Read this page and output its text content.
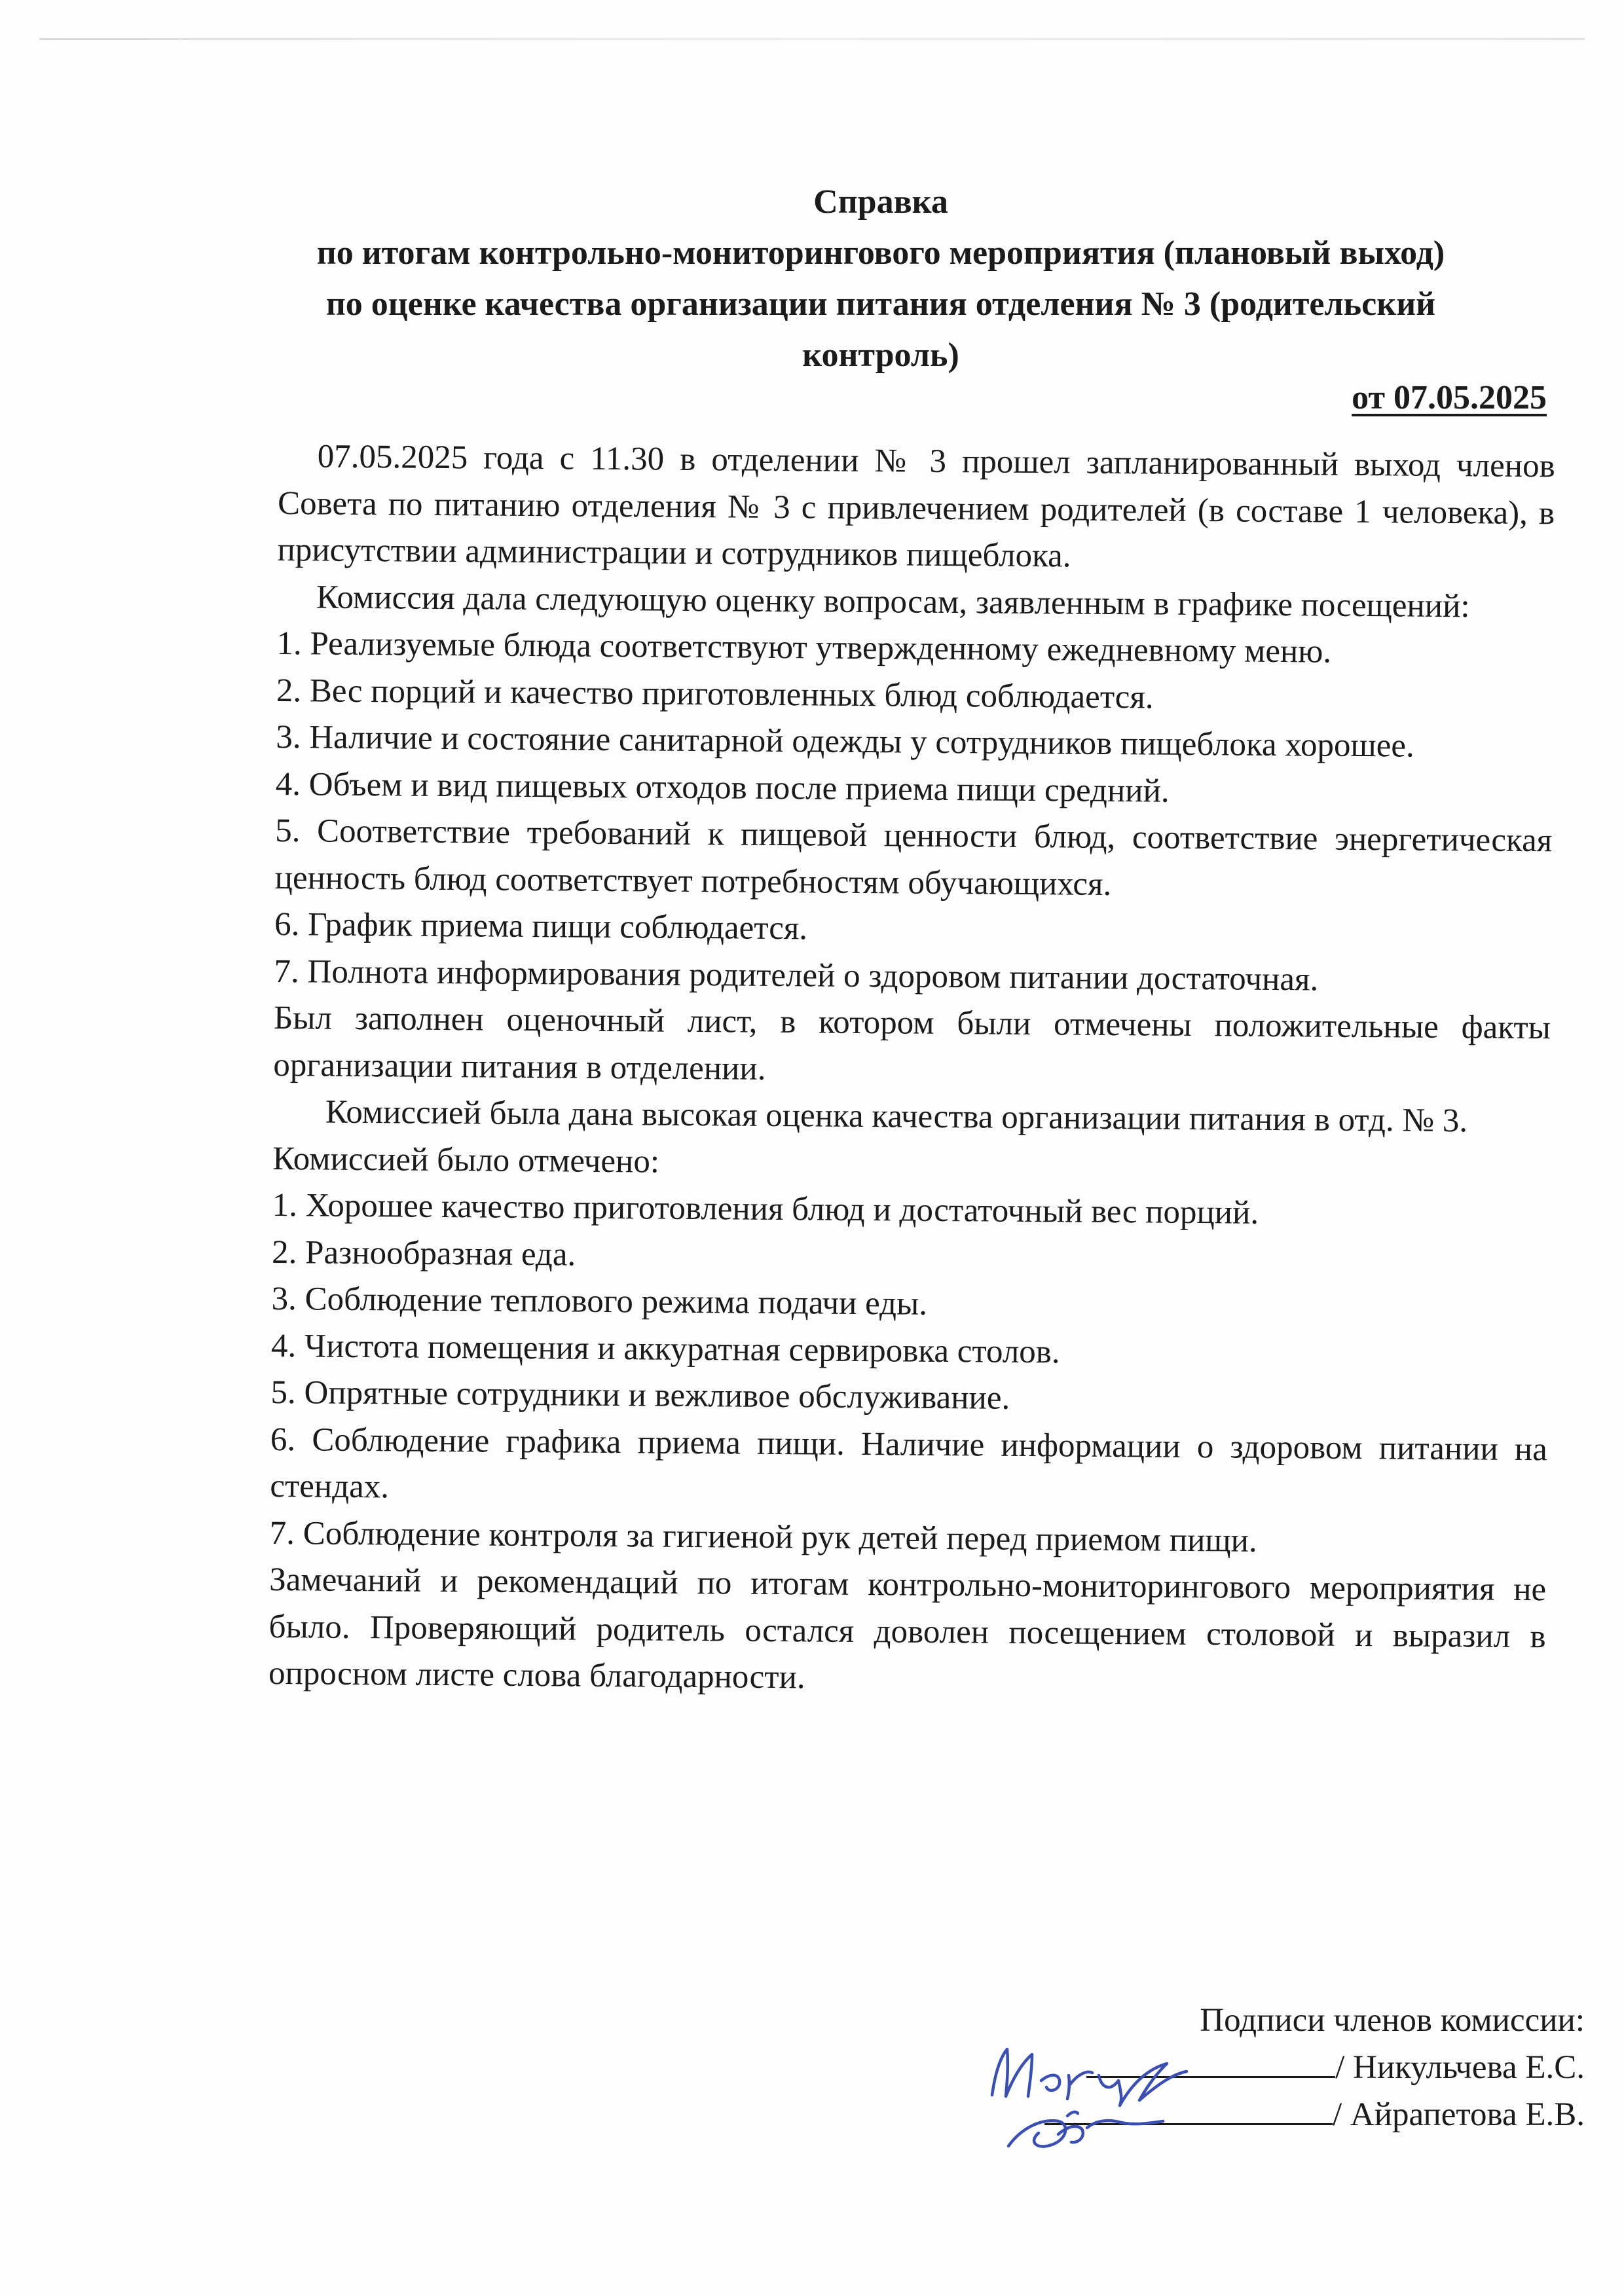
Справка
по итогам контрольно-мониторингового мероприятия (плановый выход)
по оценке качества организации питания отделения № 3 (родительский
контроль)
от 07.05.2025

07.05.2025 года с 11.30 в отделении № 3 прошел запланированный выход членов Совета по питанию отделения № 3 с привлечением родителей (в составе 1 человека), в присутствии администрации и сотрудников пищеблока.

Комиссия дала следующую оценку вопросам, заявленным в графике посещений:

1. Реализуемые блюда соответствуют утвержденному ежедневному меню.

2. Вес порций и качество приготовленных блюд соблюдается.

3. Наличие и состояние санитарной одежды у сотрудников пищеблока хорошее.

4. Объем и вид пищевых отходов после приема пищи средний.

5. Соответствие требований к пищевой ценности блюд, соответствие энергетическая ценность блюд соответствует потребностям обучающихся.

6. График приема пищи соблюдается.

7. Полнота информирования родителей о здоровом питании достаточная.

Был заполнен оценочный лист, в котором были отмечены положительные факты организации питания в отделении.

Комиссией была дана высокая оценка качества организации питания в отд. № 3.

Комиссией было отмечено:

1. Хорошее качество приготовления блюд и достаточный вес порций.

2. Разнообразная еда.

3. Соблюдение теплового режима подачи еды.

4. Чистота помещения и аккуратная сервировка столов.

5. Опрятные сотрудники и вежливое обслуживание.

6. Соблюдение графика приема пищи. Наличие информации о здоровом питании на стендах.

7. Соблюдение контроля за гигиеной рук детей перед приемом пищи.

Замечаний и рекомендаций по итогам контрольно-мониторингового мероприятия не было. Проверяющий родитель остался доволен посещением столовой и выразил в опросном листе слова благодарности.

Подписи членов комиссии:
/ Никульчева Е.С.
/ Айрапетова Е.В.
